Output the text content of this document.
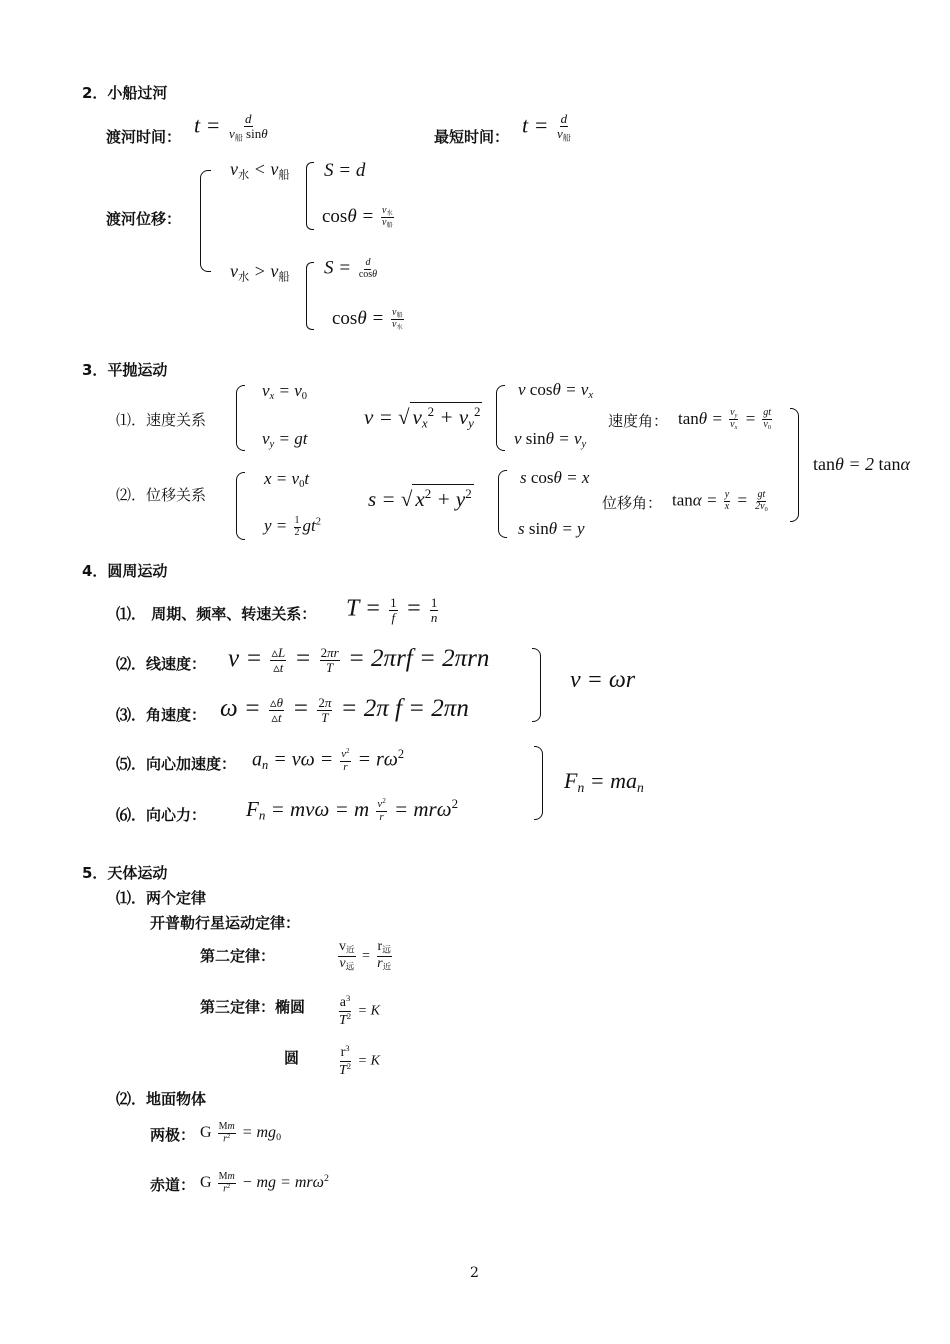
2．小船过河
渡河时间： $t = \frac{d}{v_船 \sin\theta}$	最短时间： $t = \frac{d}{v_船}$
渡河位移：
$v_水 < v_船$ S = d
$\cos\theta = \frac{v_水}{v_船}$
$v_水 > v_船$ $S = \frac{d}{\cos\theta}$
$\cos\theta = \frac{v_船}{v_水}$
3．平抛运动
⑴．速度关系
$v_x = v_0$
$v_y$ = gt
v = √ $v_x^2 + v_y^2$
v $\cos\theta = v_x$
v $\sin\theta = v_y$
速度角： $\tan\theta = \frac{v_y}{v_x} = \frac{gt}{v_0}$
⑵．位移关系
$x = v_0t$
$y = \frac{1}{2} gt^2$
s = √ $x^2 + y^2$
s cosθ = x
s sinθ = y
位移角： $\tan\alpha = \frac{y}{x} = \frac{gt}{2v_0}$
tanθ = 2 tanα
4．圆周运动
⑴． 周期、频率、转速关系： $T = \frac{1}{f} = \frac{1}{n}$
⑵．线速度： $v = \frac{▵L}{▵t} = \frac{2\pi r}{T} = 2\pi rf = 2\pi rn$
⑶．角速度： $\omega = \frac{▵\theta}{▵t} = \frac{2\pi}{T} = 2\pi$ f = 2πn
v = ωr
⑸．向心加速度： $a_n = v\omega = \frac{v^2}{r} = r\omega^2$
⑹．向心力： $F_n = mv\omega = m \frac{v^2}{r} = mr\omega^2$
$F_n = ma_n$
5．天体运动
⑴．两个定律
开普勒行星运动定律：
第二定律：	$\frac{v_近}{v_远} = \frac{r_远}{r_近}$
第三定律：椭圆 $\frac{a^3}{T^2} = K$
圆	$\frac{r^3}{T^2} = K$
⑵．地面物体
两极： G $\frac{Mm}{r^2} = mg_0$
赤道： G $\frac{Mm}{r^2}$ − mg = mrω$^2$
2
